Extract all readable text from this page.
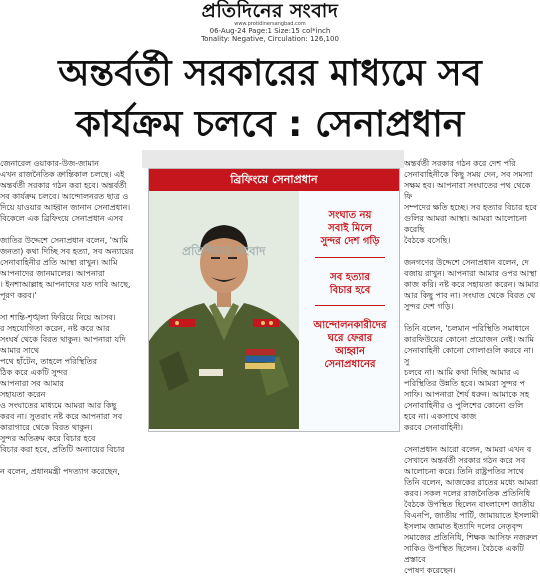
প্রতিদিনের সংবাদ
www.protidinersangbad.com
06-Aug-24 Page:1 Size:15 col*inch
Tonality: Negative, Circulation: 126,100
অন্তর্বর্তী সরকারের মাধ্যমে সব
কার্যক্রম চলবে : সেনাপ্রধান
জেনারেল ওয়াকার-উজ-জামান
এখন রাজনৈতিক ক্রান্তিকাল চলছে। এই
অন্তর্বর্তী সরকার গঠন করা হবে। অন্তর্বর্তী
সব কার্যক্রম চলবে। আন্দোলনরত ছাত্র ও
দিয়ে যাওয়ার আহ্বান জানান সেনাপ্রধান।
বিকেলে এক ব্রিফিংয়ে সেনাপ্রধান এসব

জাতির উদ্দেশে সেনাপ্রধান বলেন, 'আমি
জনতা) কথা দিচ্ছি সব হত্যা, সব অন্যায়ের
সেনাবাহিনীর প্রতি আস্থা রাখুন। আমি
আপনাদের জানমালের। আপনারা
। ইনশাআল্লাহ আপনাদের যত দাবি আছে,
পূরণ করব।'

সা শান্তি-শৃঙ্খলা ফিরিয়ে নিয়ে আসব।
র সহযোগিতা করেন, নষ্ট করে আর
সংঘর্ষ থেকে বিরত থাকুন। আপনারা যদি আমার সাথে
পথে হাঁটেন, তাহলে পরিস্থিতির
ঠিক করে একটি সুন্দর
আপনারা সব আমার
সহায়তা করেন
ও সংঘাতের মাধ্যমে আমরা আর কিছু
করব না। সুতরাং নষ্ট করে আপনারা সব
কারাগারে থেকে বিরত থাকুন।
সুন্দর অতিক্রম করে বিচার হবে
বিচার করা হবে, প্রতিটি অন্যায়ের বিচার

ন বলেন, প্রধানমন্ত্রী পদত্যাগ করেছেন,
ব্রিফিংয়ে সেনাপ্রধান
সংঘাত নয়
সবাই মিলে
সুন্দর দেশ গড়ি
সব হত্যার
বিচার হবে
আন্দোলনকারীদের
ঘরে ফেরার
আহ্বান
সেনাপ্রধানের
প্রতিদিনের সংবাদ
অন্তর্বর্তী সরকার গঠন করে দেশ পরি
সেনাবাহিনীকে কিছু সময় দেন, সব সমস্যা
সক্ষম হব। আপনারা সংঘাতের পথ থেকে ফি
সম্পদের ক্ষতি হচ্ছে। সব হত্যার বিচার হবে
গুলির আমরা আস্থা। আমরা আলোচনা করেছি
বৈঠকে বসেছি।

জনগণের উদ্দেশে সেনাপ্রধান বলেন, দে
বজায় রাখুন। আপনারা আমার ওপর আস্থা
কাজ করি। নষ্ট করে সহায়তা করেন। আমার
আর কিছু পাব না। সংঘাত থেকে বিরত থে
সুন্দর দেশ গড়ি।

তিনি বলেন, 'চলমান পরিস্থিতি সমাধানে
কারফিউয়ের কোনো প্রয়োজন নেই। আমি
সেনাবাহিনী কোনো গোলাগুলি করবে না। সু
চলবে না। আমি কথা দিচ্ছি আমার এ
পরিস্থিতির উন্নতি হবে। আমরা সুন্দর প
সাফি। আপনারা শৈর্য ধরুন। আমাকে সহ
সেনাবাহিনীর ও পুলিশের কোনো গুলি
হবে না। একসাথে কাজ
করবে সেনাবাহিনী।

সেনাপ্রধান আরো বলেন, আমরা এখন ব
সেখানে অন্তর্বর্তী সরকার গঠন করে সব
আলোচনা করে। তিনি রাষ্ট্রপতির সাথে
তিনি বলেন, আজকের রাতের মধ্যে আমরা
করব। সকল দলের রাজনৈতিক প্রতিনিধি
বৈঠকে উপস্থিত ছিলেন বাংলাদেশ জাতীয়
বিএনপি, জাতীয় পার্টি, জামায়াতে ইসলামী
ইসলাম জামাত ইত্যাদি দলের নেতৃবৃন্দ
সমাজের প্রতিনিধি, শিক্ষক আসিফ নজরুল
সাকিও উপস্থিত ছিলেন। বৈঠকে একটি প্রস্তাবে
পোষণ করেছেন।
